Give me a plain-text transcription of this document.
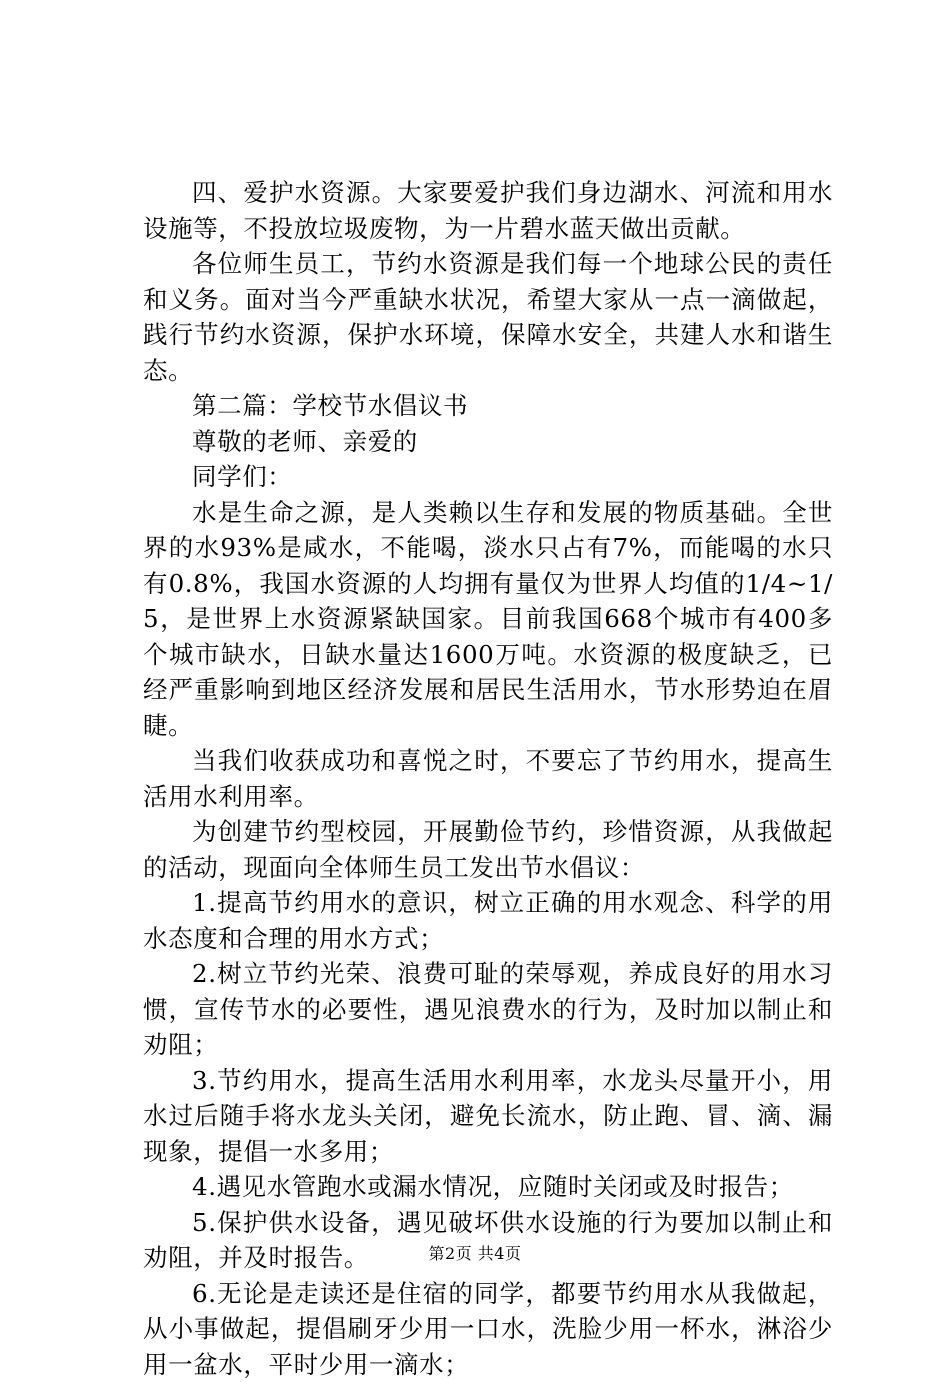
四、爱护水资源。大家要爱护我们身边湖水、河流和用水设施等，不投放垃圾废物，为一片碧水蓝天做出贡献。

各位师生员工，节约水资源是我们每一个地球公民的责任和义务。面对当今严重缺水状况，希望大家从一点一滴做起，践行节约水资源，保护水环境，保障水安全，共建人水和谐生态。

第二篇：学校节水倡议书

尊敬的老师、亲爱的

同学们：

水是生命之源，是人类赖以生存和发展的物质基础。全世界的水93%是咸水，不能喝，淡水只占有7%，而能喝的水只有0.8%，我国水资源的人均拥有量仅为世界人均值的1/4~1/5，是世界上水资源紧缺国家。目前我国668个城市有400多个城市缺水，日缺水量达1600万吨。水资源的极度缺乏，已经严重影响到地区经济发展和居民生活用水，节水形势迫在眉睫。

当我们收获成功和喜悦之时，不要忘了节约用水，提高生活用水利用率。

为创建节约型校园，开展勤俭节约，珍惜资源，从我做起的活动，现面向全体师生员工发出节水倡议：

1.提高节约用水的意识，树立正确的用水观念、科学的用水态度和合理的用水方式；

2.树立节约光荣、浪费可耻的荣辱观，养成良好的用水习惯，宣传节水的必要性，遇见浪费水的行为，及时加以制止和劝阻；

3.节约用水，提高生活用水利用率，水龙头尽量开小，用水过后随手将水龙头关闭，避免长流水，防止跑、冒、滴、漏现象，提倡一水多用；

4.遇见水管跑水或漏水情况，应随时关闭或及时报告；

5.保护供水设备，遇见破坏供水设施的行为要加以制止和劝阻，并及时报告。

6.无论是走读还是住宿的同学，都要节约用水从我做起，从小事做起，提倡刷牙少用一口水，洗脸少用一杯水，淋浴少用一盆水，平时少用一滴水；

第2页 共4页
